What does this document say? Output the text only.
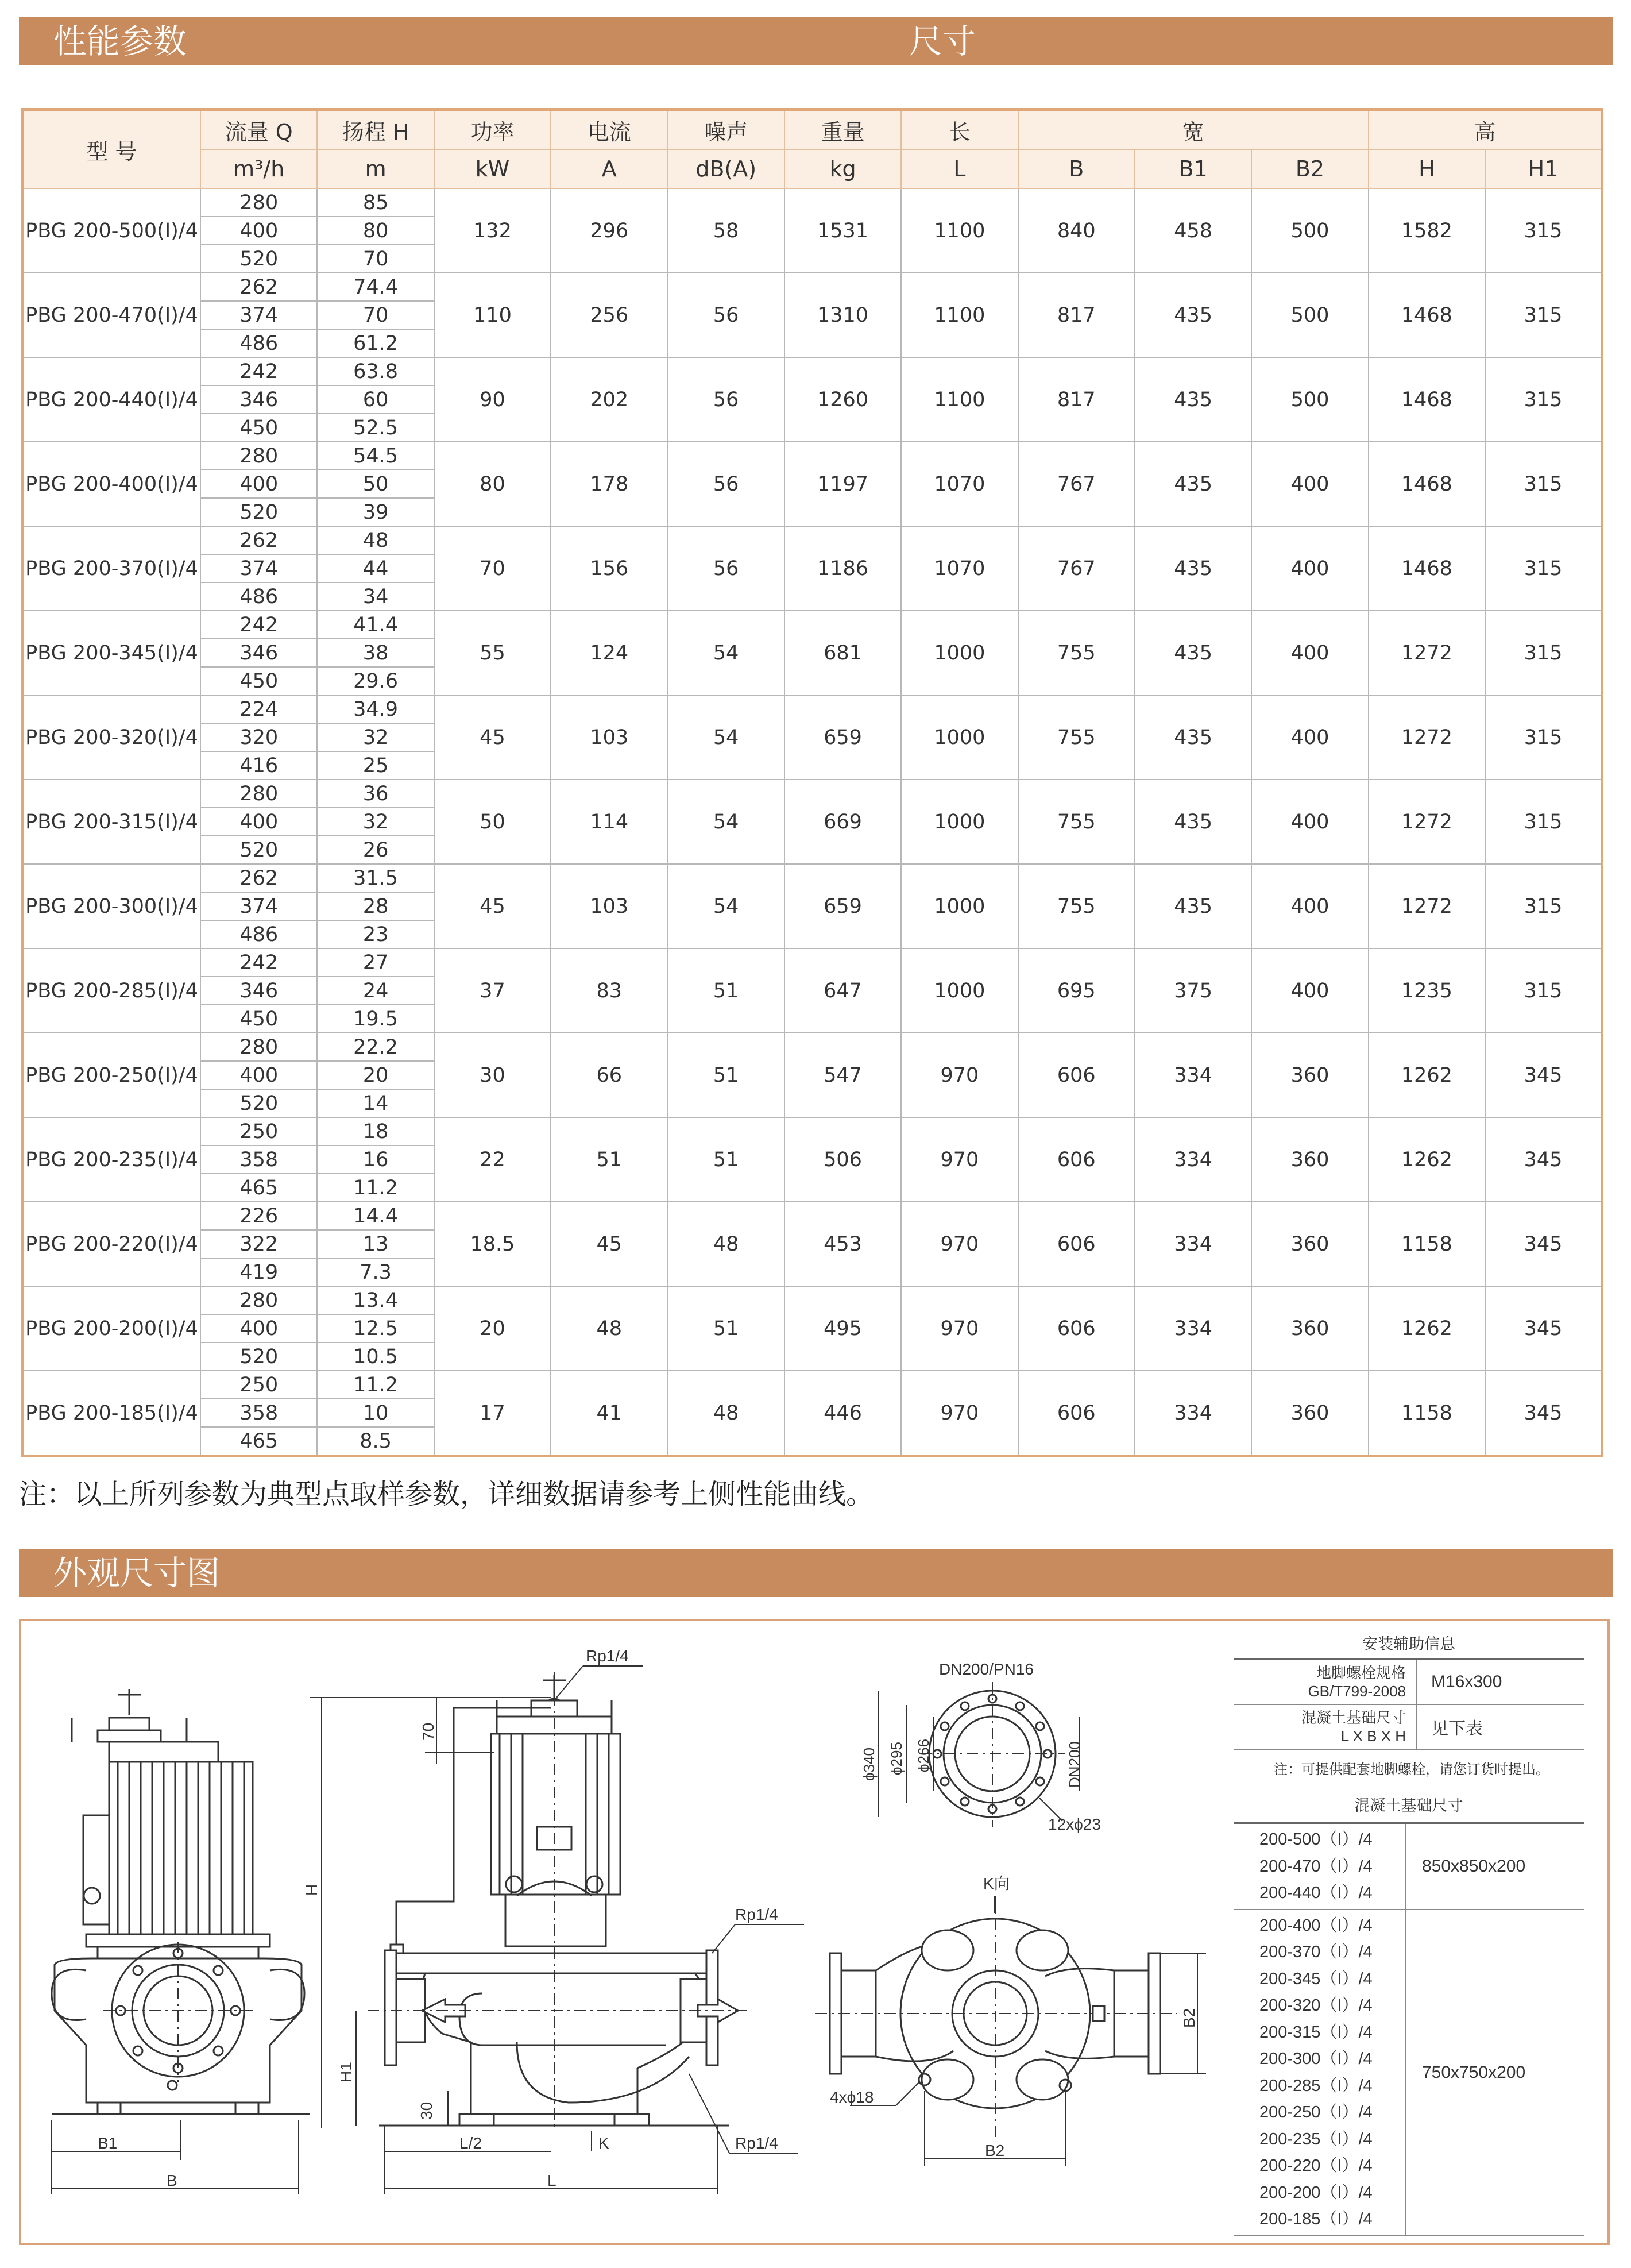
性能参数	尺寸
型 号	流量 Q	扬程 H	功率	电流	噪声	重量	长	宽			高	
	m³/h	m	kW	A	dB(A)	kg	L	B	B1	B2	H	H1
PBG 200-500(I)/4	280	85	132	296	58	1531	1100	840	458	500	1582	315
	400	80										
	520	70										
PBG 200-470(I)/4	262	74.4	110	256	56	1310	1100	817	435	500	1468	315
	374	70										
	486	61.2										
PBG 200-440(I)/4	242	63.8	90	202	56	1260	1100	817	435	500	1468	315
	346	60										
	450	52.5										
PBG 200-400(I)/4	280	54.5	80	178	56	1197	1070	767	435	400	1468	315
	400	50										
	520	39										
PBG 200-370(I)/4	262	48	70	156	56	1186	1070	767	435	400	1468	315
	374	44										
	486	34										
PBG 200-345(I)/4	242	41.4	55	124	54	681	1000	755	435	400	1272	315
	346	38										
	450	29.6										
PBG 200-320(I)/4	224	34.9	45	103	54	659	1000	755	435	400	1272	315
	320	32										
	416	25										
PBG 200-315(I)/4	280	36	50	114	54	669	1000	755	435	400	1272	315
	400	32										
	520	26										
PBG 200-300(I)/4	262	31.5	45	103	54	659	1000	755	435	400	1272	315
	374	28										
	486	23										
PBG 200-285(I)/4	242	27	37	83	51	647	1000	695	375	400	1235	315
	346	24										
	450	19.5										
PBG 200-250(I)/4	280	22.2	30	66	51	547	970	606	334	360	1262	345
	400	20										
	520	14										
PBG 200-235(I)/4	250	18	22	51	51	506	970	606	334	360	1262	345
	358	16										
	465	11.2										
PBG 200-220(I)/4	226	14.4	18.5	45	48	453	970	606	334	360	1158	345
	322	13										
	419	7.3										
PBG 200-200(I)/4	280	13.4	20	48	51	495	970	606	334	360	1262	345
	400	12.5										
	520	10.5										
PBG 200-185(I)/4	250	11.2	17	41	48	446	970	606	334	360	1158	345
	358	10										
	465	8.5										
注：以上所列参数为典型点取样参数，详细数据请参考上侧性能曲线。
外观尺寸图
Rp1/4
70
H
Rp1/4
H1
30
L/2	K	Rp1/4
L
B1
B
DN200/PN16
ϕ340 ϕ295 ϕ266	DN200
12xϕ23
K向
B2
4xϕ18
B2
安装辅助信息
地脚螺栓规格
GB/T799-2008	M16x300
混凝土基础尺寸
L X B X H	见下表
注：可提供配套地脚螺栓，请您订货时提出。
混凝土基础尺寸
200-500（I）/4
200-470（I）/4
200-440（I）/4
850x850x200
200-400（I）/4
200-370（I）/4
200-345（I）/4
200-320（I）/4
200-315（I）/4
200-300（I）/4
200-285（I）/4
200-250（I）/4
200-235（I）/4
200-220（I）/4
200-200（I）/4
200-185（I）/4
750x750x200
